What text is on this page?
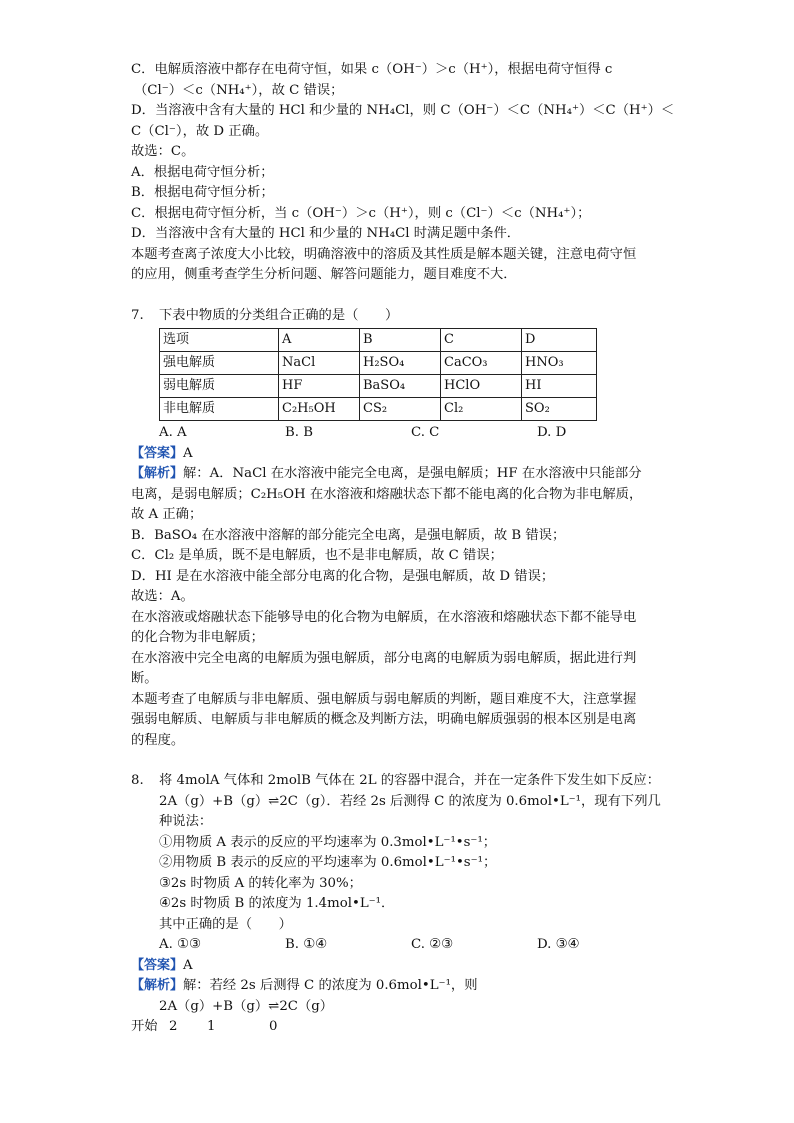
C．电解质溶液中都存在电荷守恒，如果 c（OH⁻）＞c（H⁺），根据电荷守恒得 c
（Cl⁻）＜c（NH₄⁺），故 C 错误；
D．当溶液中含有大量的 HCl 和少量的 NH₄Cl，则 C（OH⁻）＜C（NH₄⁺）＜C（H⁺）＜
C（Cl⁻），故 D 正确。
故选：C。
A．根据电荷守恒分析；
B．根据电荷守恒分析；
C．根据电荷守恒分析，当 c（OH⁻）＞c（H⁺），则 c（Cl⁻）＜c（NH₄⁺）；
D．当溶液中含有大量的 HCl 和少量的 NH₄Cl 时满足题中条件．
本题考查离子浓度大小比较，明确溶液中的溶质及其性质是解本题关键，注意电荷守恒
的应用，侧重考查学生分析问题、解答问题能力，题目难度不大．
7. 下表中物质的分类组合正确的是（　　）
选项	A	B	C	D
强电解质	NaCl	H₂SO₄	CaCO₃	HNO₃
弱电解质	HF	BaSO₄	HClO	HI
非电解质	C₂H₅OH	CS₂	Cl₂	SO₂
A. A	B. B	C. C	D. D
【答案】A
【解析】解：A．NaCl 在水溶液中能完全电离，是强电解质；HF 在水溶液中只能部分
电离，是弱电解质；C₂H₅OH 在水溶液和熔融状态下都不能电离的化合物为非电解质，
故 A 正确；
B．BaSO₄ 在水溶液中溶解的部分能完全电离，是强电解质，故 B 错误；
C．Cl₂ 是单质，既不是电解质，也不是非电解质，故 C 错误；
D．HI 是在水溶液中能全部分电离的化合物，是强电解质，故 D 错误；
故选：A。
在水溶液或熔融状态下能够导电的化合物为电解质，在水溶液和熔融状态下都不能导电
的化合物为非电解质；
在水溶液中完全电离的电解质为强电解质，部分电离的电解质为弱电解质，据此进行判
断。
本题考查了电解质与非电解质、强电解质与弱电解质的判断，题目难度不大，注意掌握
强弱电解质、电解质与非电解质的概念及判断方法，明确电解质强弱的根本区别是电离
的程度。
8. 将 4molA 气体和 2molB 气体在 2L 的容器中混合，并在一定条件下发生如下反应：
2A（g）+B（g）⇌2C（g）．若经 2s 后测得 C 的浓度为 0.6mol•L⁻¹，现有下列几
种说法：
①用物质 A 表示的反应的平均速率为 0.3mol•L⁻¹•s⁻¹；
②用物质 B 表示的反应的平均速率为 0.6mol•L⁻¹•s⁻¹；
③2s 时物质 A 的转化率为 30%；
④2s 时物质 B 的浓度为 1.4mol•L⁻¹．
其中正确的是（　　）
A. ①③	B. ①④	C. ②③	D. ③④
【答案】A
【解析】解：若经 2s 后测得 C 的浓度为 0.6mol•L⁻¹，则
2A（g）+B（g）⇌2C（g）
开始 2 1	0
